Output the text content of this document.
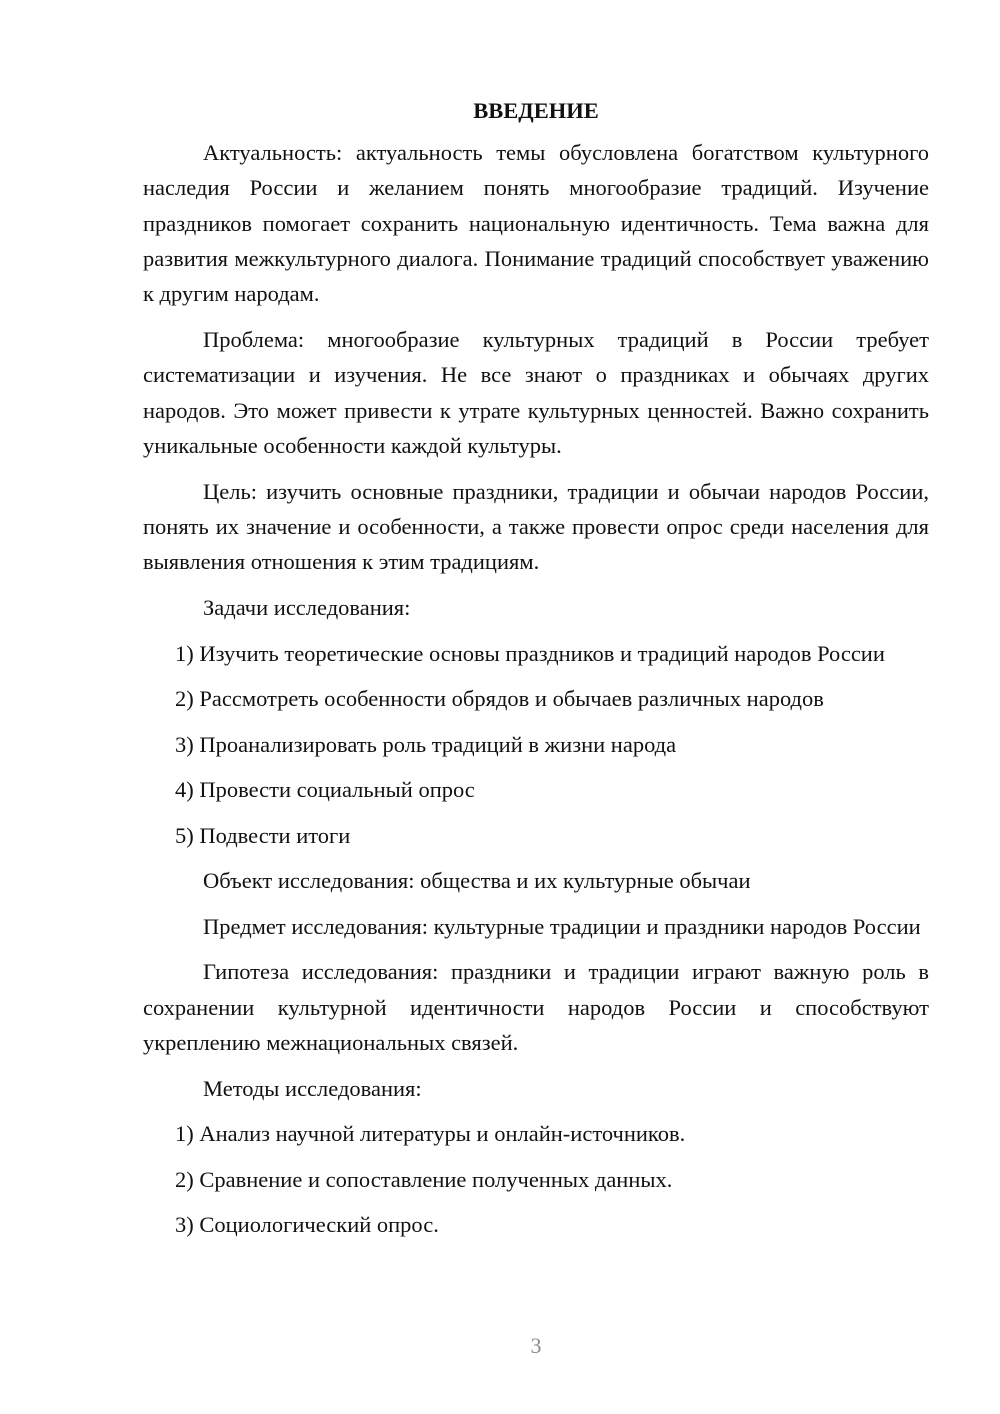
ВВЕДЕНИЕ

Актуальность: актуальность темы обусловлена богатством культурного наследия России и желанием понять многообразие традиций. Изучение праздников помогает сохранить национальную идентичность. Тема важна для развития межкультурного диалога. Понимание традиций способствует уважению к другим народам.

Проблема: многообразие культурных традиций в России требует систематизации и изучения. Не все знают о праздниках и обычаях других народов. Это может привести к утрате культурных ценностей. Важно сохранить уникальные особенности каждой культуры.

Цель: изучить основные праздники, традиции и обычаи народов России, понять их значение и особенности, а также провести опрос среди населения для выявления отношения к этим традициям.

Задачи исследования:

1) Изучить теоретические основы праздников и традиций народов России

2) Рассмотреть особенности обрядов и обычаев различных народов

3) Проанализировать роль традиций в жизни народа

4) Провести социальный опрос

5) Подвести итоги

Объект исследования: общества и их культурные обычаи

Предмет исследования: культурные традиции и праздники народов России

Гипотеза исследования: праздники и традиции играют важную роль в сохранении культурной идентичности народов России и способствуют укреплению межнациональных связей.

Методы исследования:

1) Анализ научной литературы и онлайн-источников.

2) Сравнение и сопоставление полученных данных.

3) Социологический опрос.

3
